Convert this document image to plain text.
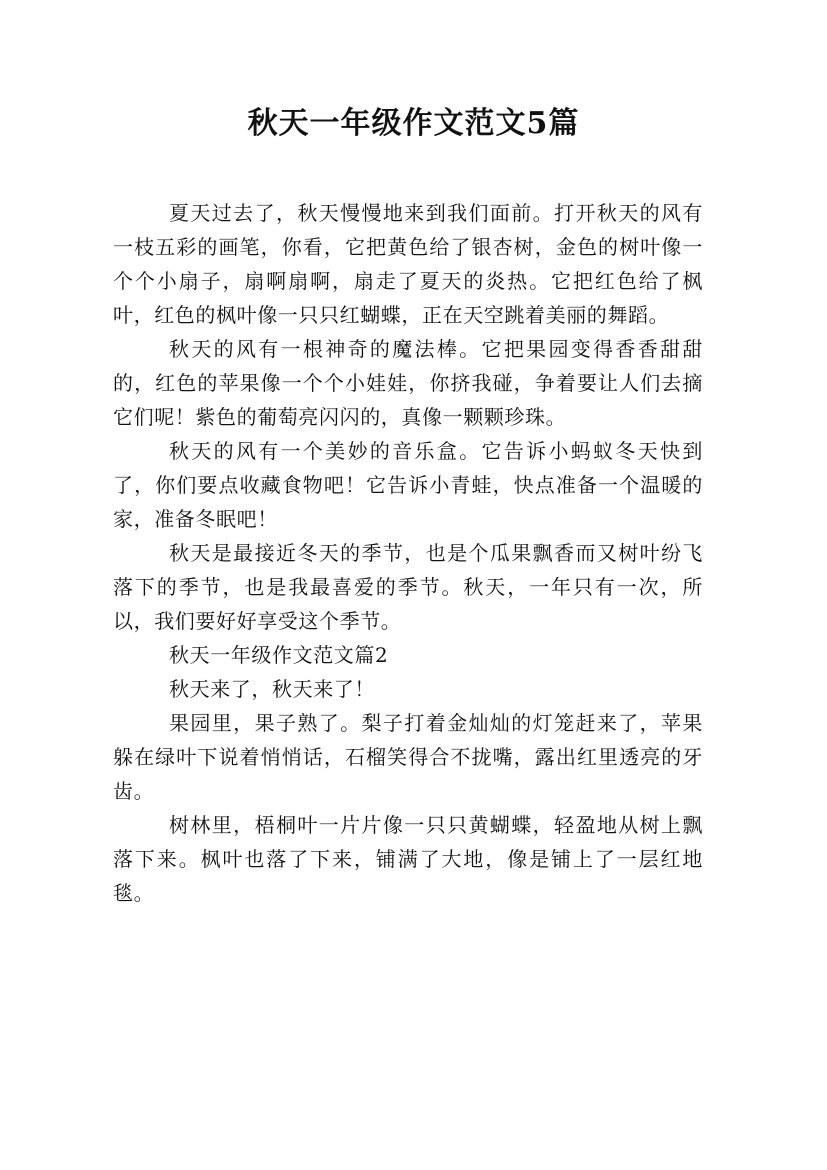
秋天一年级作文范文5篇

夏天过去了，秋天慢慢地来到我们面前。打开秋天的风有一枝五彩的画笔，你看，它把黄色给了银杏树，金色的树叶像一个个小扇子，扇啊扇啊，扇走了夏天的炎热。它把红色给了枫叶，红色的枫叶像一只只红蝴蝶，正在天空跳着美丽的舞蹈。

秋天的风有一根神奇的魔法棒。它把果园变得香香甜甜的，红色的苹果像一个个小娃娃，你挤我碰，争着要让人们去摘它们呢！紫色的葡萄亮闪闪的，真像一颗颗珍珠。

秋天的风有一个美妙的音乐盒。它告诉小蚂蚁冬天快到了，你们要点收藏食物吧！它告诉小青蛙，快点准备一个温暖的家，准备冬眠吧！

秋天是最接近冬天的季节，也是个瓜果飘香而又树叶纷飞落下的季节，也是我最喜爱的季节。秋天，一年只有一次，所以，我们要好好享受这个季节。

秋天一年级作文范文篇2

秋天来了，秋天来了！

果园里，果子熟了。梨子打着金灿灿的灯笼赶来了，苹果躲在绿叶下说着悄悄话，石榴笑得合不拢嘴，露出红里透亮的牙齿。

树林里，梧桐叶一片片像一只只黄蝴蝶，轻盈地从树上飘落下来。枫叶也落了下来，铺满了大地，像是铺上了一层红地毯。
